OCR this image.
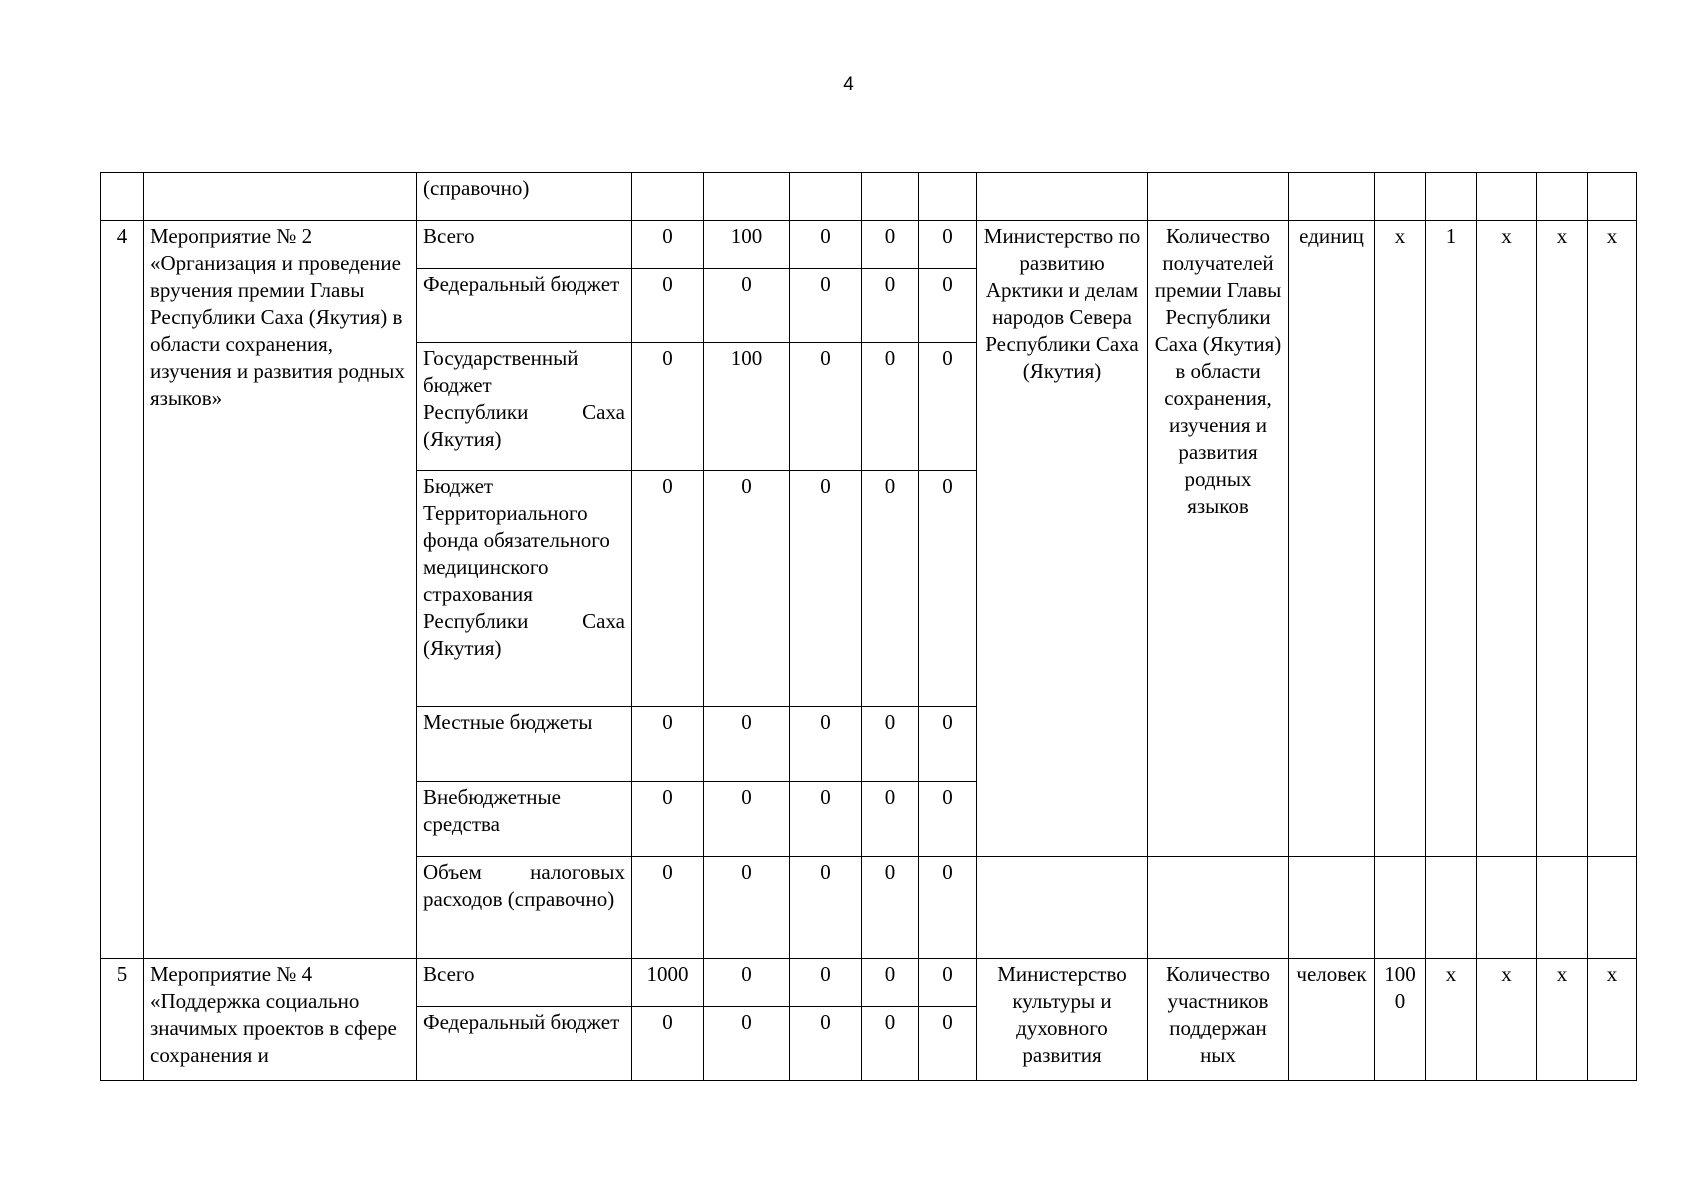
4
		(справочно)													
4	Мероприятие № 2 «Организация и проведение вручения премии Главы Республики Саха (Якутия) в области сохранения, изучения и развития родных языков»	Всего	0	100	0	0	0	Министерство по развитию Арктики и делам народов Севера Республики Саха (Якутия)	Количество получателей премии Главы Республики Саха (Якутия) в области сохранения, изучения и развития родных языков	единиц	х	1	х	х	х
		Федеральный бюджет	0	0	0	0	0								
		Государственный бюджет
Республики Саха
(Якутия)	0	100	0	0	0								
		Бюджет Территориального фонда обязательного медицинского страхования
Республики Саха
(Якутия)	0	0	0	0	0								
		Местные бюджеты	0	0	0	0	0								
		Внебюджетные средства	0	0	0	0	0								

		Объем налоговых
расходов (справочно)	0	0	0	0	0								
5	Мероприятие № 4 «Поддержка социально значимых проектов в сфере сохранения и	Всего	1000	0	0	0	0	Министерство культуры и духовного развития	Количество участников поддержан ных	человек	1000	х	х	х	х
		Федеральный бюджет	0	0	0	0	0								
